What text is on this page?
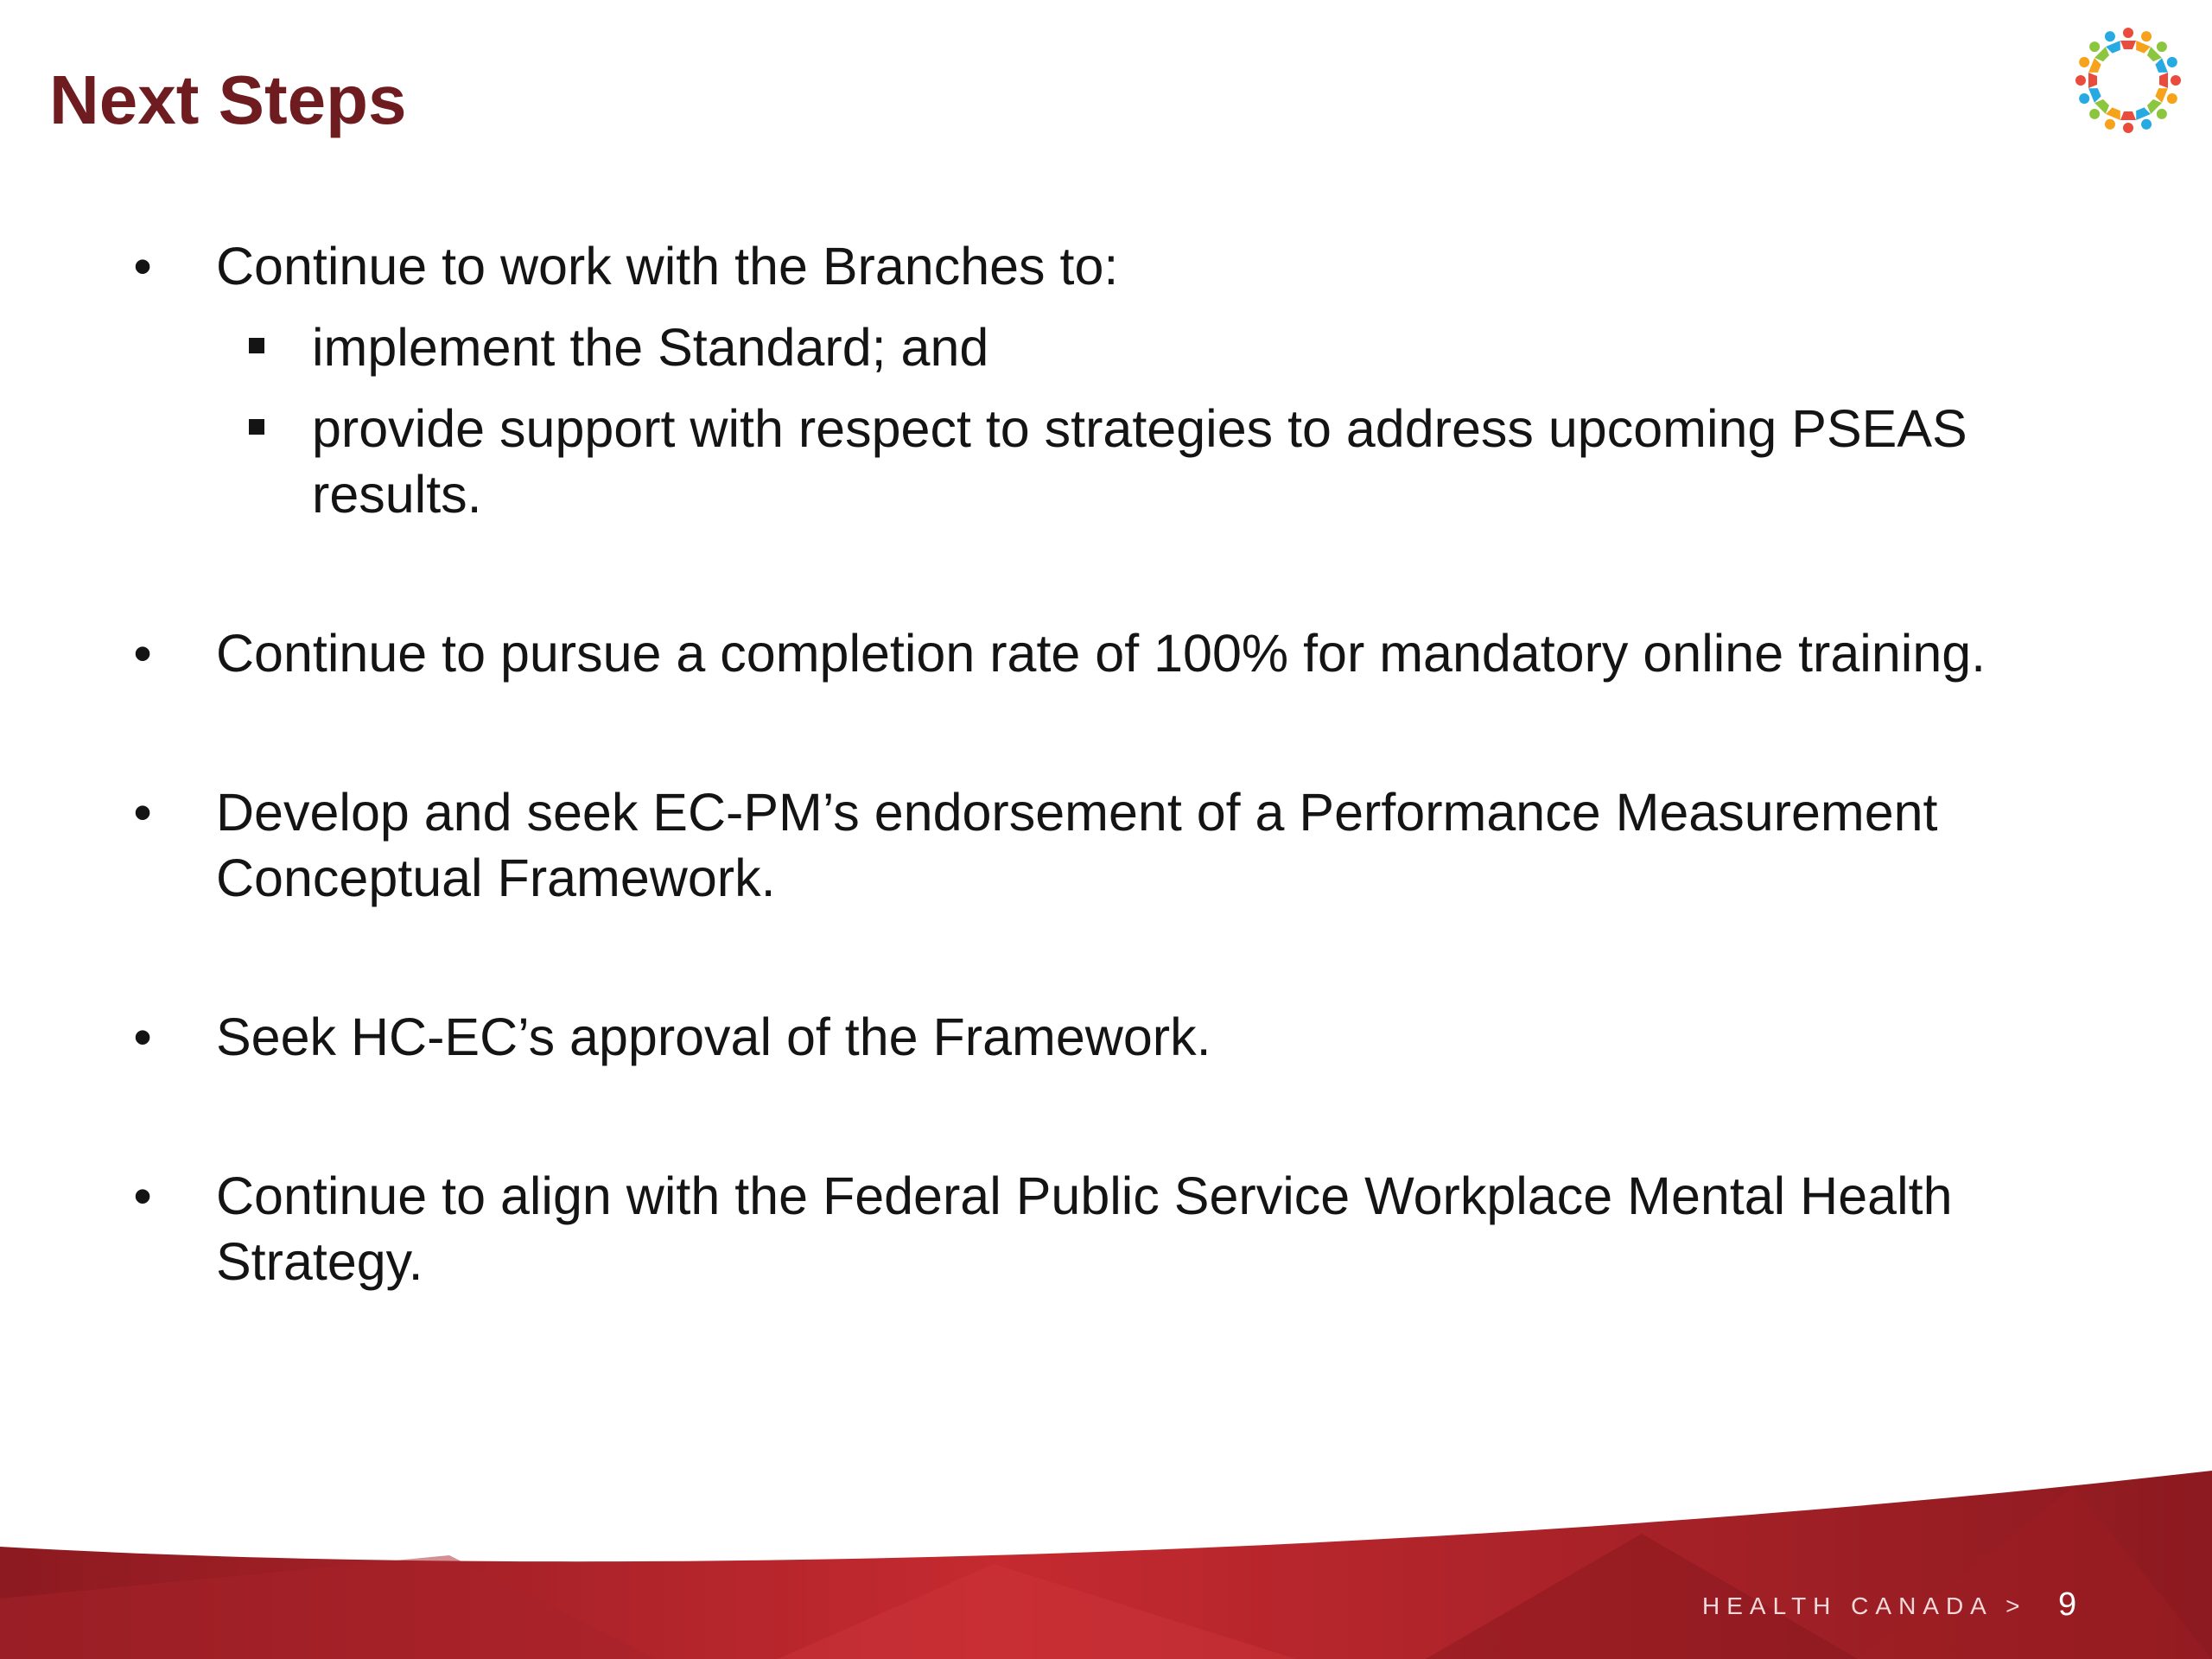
Next Steps
• Continue to work with the Branches to:
implement the Standard; and
provide support with respect to strategies to address upcoming PSEAS results.
• Continue to pursue a completion rate of 100% for mandatory online training.
• Develop and seek EC-PM’s endorsement of a Performance Measurement Conceptual Framework.
• Seek HC-EC’s approval of the Framework.
• Continue to align with the Federal Public Service Workplace Mental Health Strategy.
HEALTH CANADA > 9
